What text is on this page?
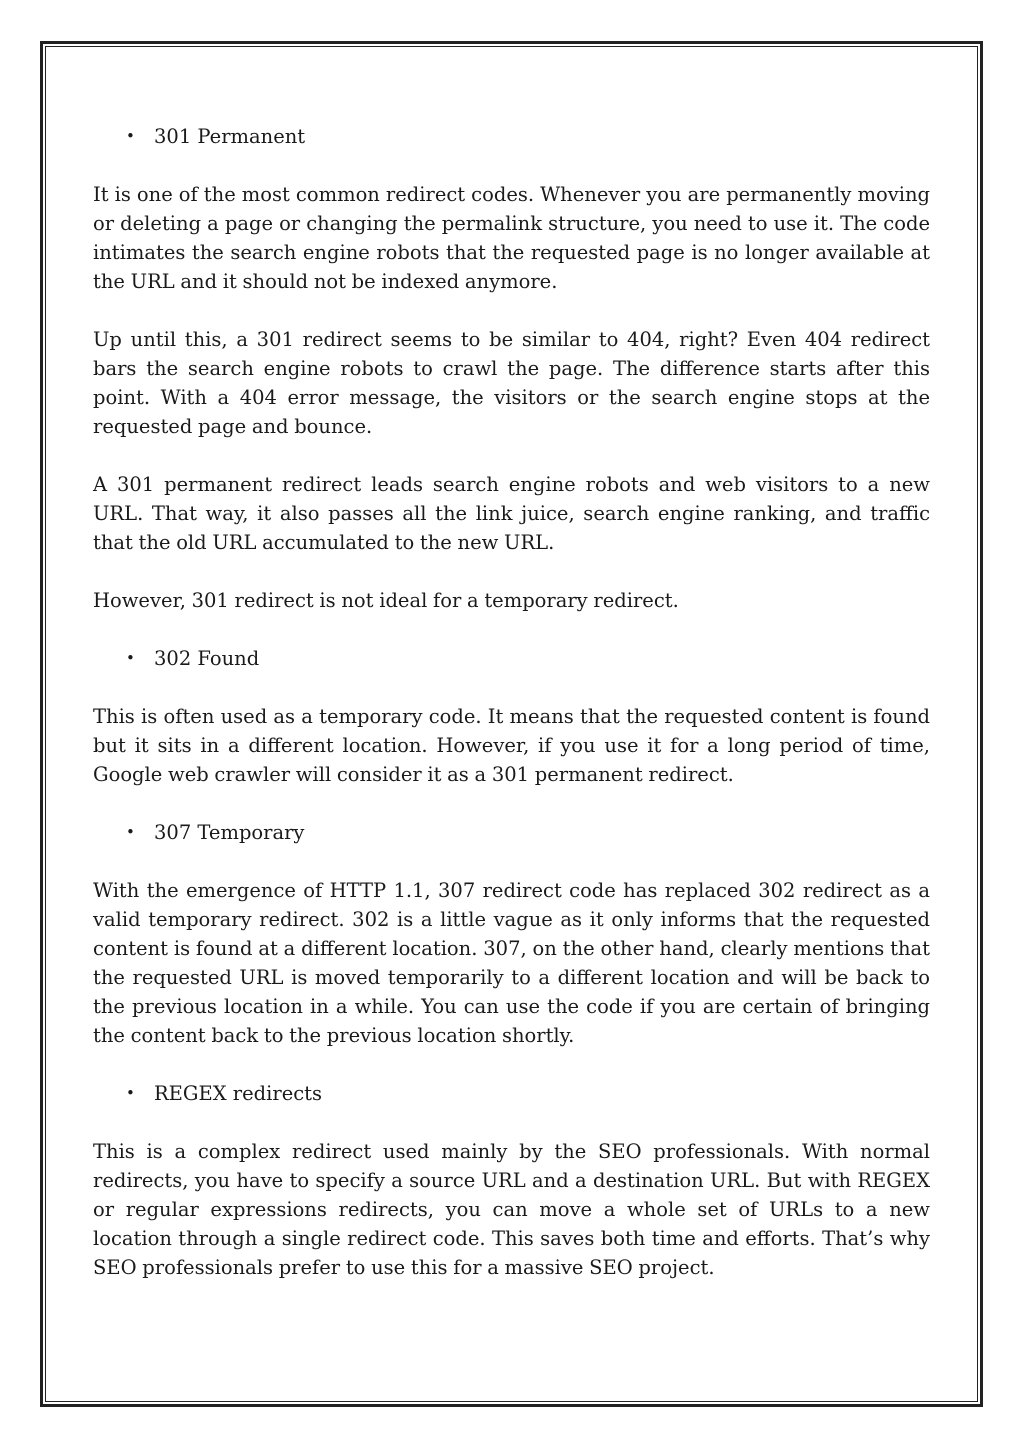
• 301 Permanent

It is one of the most common redirect codes. Whenever you are permanently moving or deleting a page or changing the permalink structure, you need to use it. The code intimates the search engine robots that the requested page is no longer available at the URL and it should not be indexed anymore.

Up until this, a 301 redirect seems to be similar to 404, right? Even 404 redirect bars the search engine robots to crawl the page. The difference starts after this point. With a 404 error message, the visitors or the search engine stops at the requested page and bounce.

A 301 permanent redirect leads search engine robots and web visitors to a new URL. That way, it also passes all the link juice, search engine ranking, and traffic that the old URL accumulated to the new URL.

However, 301 redirect is not ideal for a temporary redirect.

• 302 Found

This is often used as a temporary code. It means that the requested content is found but it sits in a different location. However, if you use it for a long period of time, Google web crawler will consider it as a 301 permanent redirect.

• 307 Temporary

With the emergence of HTTP 1.1, 307 redirect code has replaced 302 redirect as a valid temporary redirect. 302 is a little vague as it only informs that the requested content is found at a different location. 307, on the other hand, clearly mentions that the requested URL is moved temporarily to a different location and will be back to the previous location in a while. You can use the code if you are certain of bringing the content back to the previous location shortly.

• REGEX redirects

This is a complex redirect used mainly by the SEO professionals. With normal redirects, you have to specify a source URL and a destination URL. But with REGEX or regular expressions redirects, you can move a whole set of URLs to a new location through a single redirect code. This saves both time and efforts. That’s why SEO professionals prefer to use this for a massive SEO project.
